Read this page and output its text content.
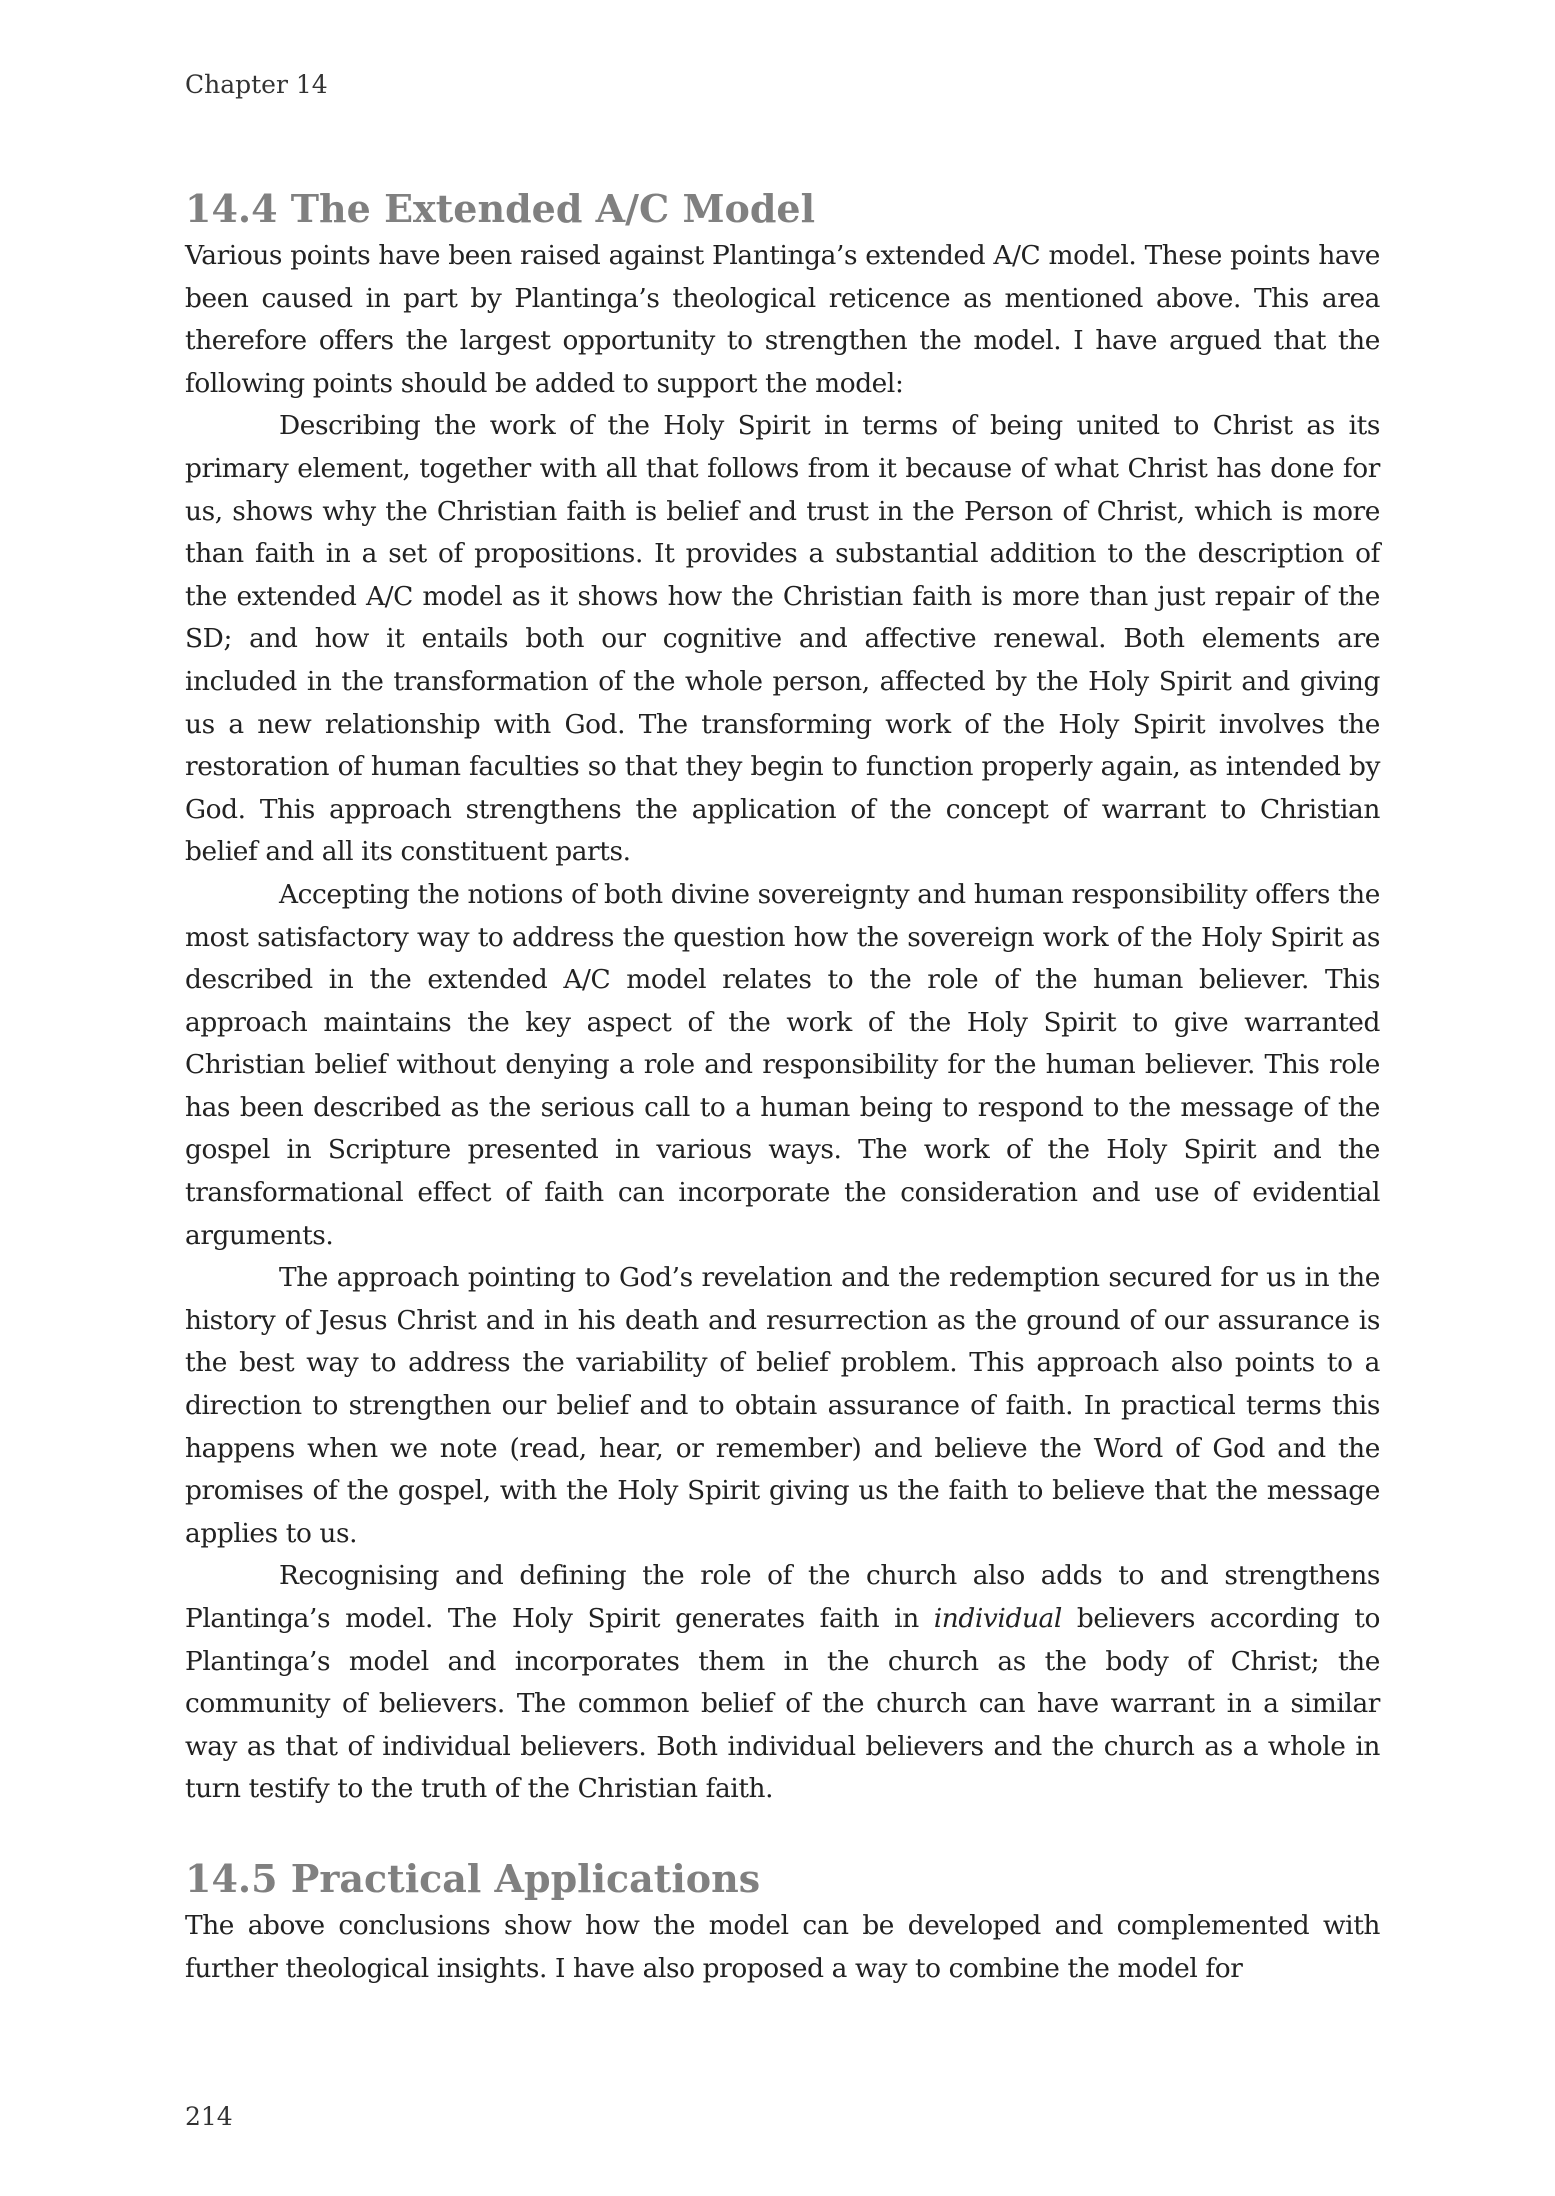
Chapter 14
14.4 The Extended A/C Model

Various points have been raised against Plantinga’s extended A/C model. These points have been caused in part by Plantinga’s theological reticence as mentioned above. This area therefore offers the largest opportunity to strengthen the model. I have argued that the following points should be added to support the model:

Describing the work of the Holy Spirit in terms of being united to Christ as its primary element, together with all that follows from it because of what Christ has done for us, shows why the Christian faith is belief and trust in the Person of Christ, which is more than faith in a set of propositions. It provides a substantial addition to the description of the extended A/C model as it shows how the Christian faith is more than just repair of the SD; and how it entails both our cognitive and affective renewal. Both elements are included in the transformation of the whole person, affected by the Holy Spirit and giving us a new relationship with God. The transforming work of the Holy Spirit involves the restoration of human faculties so that they begin to function properly again, as intended by God. This approach strengthens the application of the concept of warrant to Christian belief and all its constituent parts.

Accepting the notions of both divine sovereignty and human responsibility offers the most satisfactory way to address the question how the sovereign work of the Holy Spirit as described in the extended A/C model relates to the role of the human believer. This approach maintains the key aspect of the work of the Holy Spirit to give warranted Christian belief without denying a role and responsibility for the human believer. This role has been described as the serious call to a human being to respond to the message of the gospel in Scripture presented in various ways. The work of the Holy Spirit and the transformational effect of faith can incorporate the consideration and use of evidential arguments.

The approach pointing to God’s revelation and the redemption secured for us in the history of Jesus Christ and in his death and resurrection as the ground of our assurance is the best way to address the variability of belief problem. This approach also points to a direction to strengthen our belief and to obtain assurance of faith. In practical terms this happens when we note (read, hear, or remember) and believe the Word of God and the promises of the gospel, with the Holy Spirit giving us the faith to believe that the message applies to us.

Recognising and defining the role of the church also adds to and strengthens Plantinga’s model. The Holy Spirit generates faith in individual believers according to Plantinga’s model and incorporates them in the church as the body of Christ; the community of believers. The common belief of the church can have warrant in a similar way as that of individual believers. Both individual believers and the church as a whole in turn testify to the truth of the Christian faith.

14.5 Practical Applications

The above conclusions show how the model can be developed and complemented with further theological insights. I have also proposed a way to combine the model for

214
